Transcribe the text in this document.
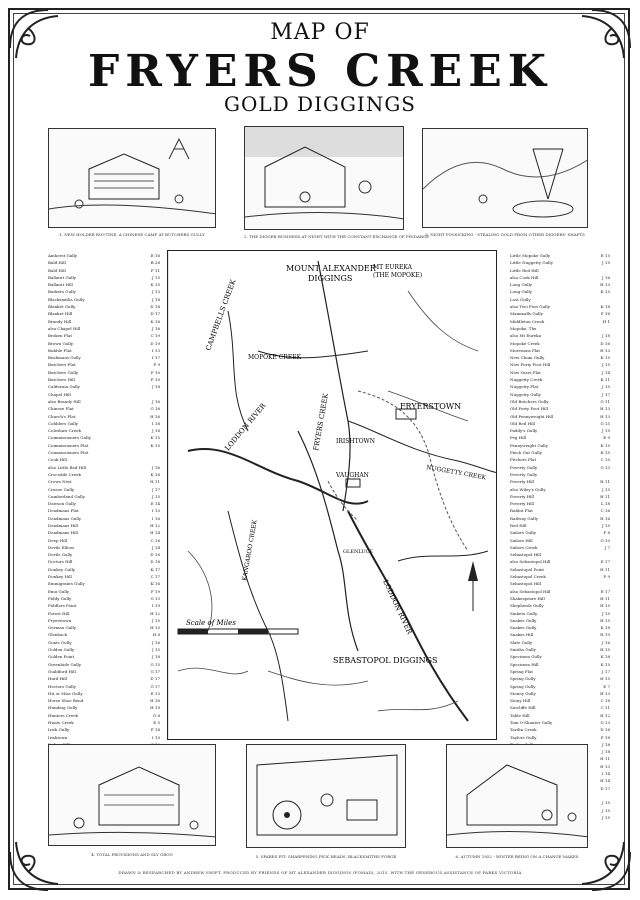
MAP OF
FRYERS CREEK
GOLD DIGGINGS
1. NEW HOLDER ROUTINE, A CHINESE CAMP AT BUTCHERS GULLY	2. THE DIGGER BUSINESS AT NIGHT WITH THE CONSTANT EXCHANGE OF PINDARGE
3. NIGHT FOSSICKING - STEALING GOLD FROM OTHER DIGGERS' SHAFTS
Amherst Gully	E 16
Bald Hill	B 28
Bald Hill	F 11
Ballarat Gully	J 15
Ballarat Hill	K 15
Barkers Gully	J 13
Blacksmiths Gully	J 18
Blanket Gully	D 18
Blanket Hill	D 17
Brandy Hill	K 16
also Chapel Hill	J 16
Broken Flat	C 19
Brown Gully	D 19
Bubble Flat	I 13
Bushmans Gully	I 17
Butchers Flat	F 9
Butchers Gully	F 10
Butchers Hill	F 10
California Gully	J 18
Chapel Hill
also Brandy Hill	J 16
Chinese Flat	G 16
Church's Flat	H 16
Cobblers Gully	I 18
Coleshaw Creek	J 16
Commissioners Gully	K 15
Commissioners Flat	K 15
Commissioners Flat
Cook Hill
also Little Red Hill	J 16
Crocodile Creek	K 16
Crows Nest	H 11
Crusoe Gully	J 17
Cumberland Gully	J 15
Dawson Gully	E 14
Deadmans Flat	I 15
Deadmans Gully	I 16
Deadmans Hill	H 12
Deadmans Hill	H 14
Deep Hill	C 16
Devils Elbow	J 14
Devils Gully	D 16
Doctors Hill	D 18
Donkey Gully	K 17
Donkey Hill	C 17
Emmigrants Gully	K 16
Emu Gully	F 19
Fiddy Gully	G 13
Fiddlers Point	I 19
Forest Hill	H 12
Fryerstown	J 15
German Gully	H 15
Glenback	H 8
Goats Gully	J 16
Golden Gully	J 15
Golden Point	J 18
Greenhide Gully	G 15
Guildford Hill	G 17
Hard Hill	D 17
Hectors Gully	G 17
Hit or Miss Gully	E 13
Horse Shoe Bend	H 16
Humbug Gully	H 19
Hunters Creek	G 8
Hunts Creek	E 5
Irish Gully	F 18
Irishtown	I 10
Little Mopoke Gully	E 15
Little Nuggetty Gully	J 15
Little Red Hill
also Cook Hill	J 16
Long Gully	H 13
Long Gully	K 15
Lost Gully
also Two Foot Gully	K 18
Mammalls Gully	F 16
Middleton Creek	H 1
Mopoke, The
also Mt Eureka	J 18
Mopoke Creek	D 16
Morrisons Flat	H 13
New Chum Gully	K 15
New Forty Foot Hill	J 15
New Years Flat	J 14
Nuggetty Creek	K 11
Nuggetty Flat	J 15
Nuggetty Gully	J 17
Old Butchers Gully	G 11
Old Forty Foot Hill	H 13
Old Pennyweight Hill	H 13
Old Red Hill	G 15
Paddy's Gully	J 15
Peg Hill	E 9
Pennyweight Gully	K 15
Pinch Gut Gully	K 15
Pitchers Flat	C 15
Poverty Gully	G 13
Poverty Gully
Poverty Hill	H 11
also Wiley's Gully	J 15
Poverty Hill	H 11
Poverty Hill	L 18
Rabbit Flat	C 16
Railway Gully	H 16
Red Hill	J 15
Sailors Gully	F 8
Sailors Hill	G 10
Sailors Creek	J 7
Sebastopol Hill
also Sebastopol Hill	E 17
Sebastopol Point	H 11
Sebastopol Creek	F 9
Sebastopol Hill
also Sebastopol Hill	E 17
Shakespeare Hill	H 11
Shepherds Gully	H 15
Sinkers Gully	J 15
Snakes Gully	H 15
Snakes Gully	K 18
Snakes Hill	H 19
Slate Gully	J 16
Smiths Gully	H 15
Specimen Gully	K 18
Specimen Hill	K 15
Spring Flat	J 17
Spring Gully	H 15
Spring Gully	E 7
Stoney Gully	H 13
Stony Hill	C 18
Sutcliffe Hill	C 11
Table Hill	H 12
Tam O'Shanter Gully	G 13
Tarilta Creek	D 16
Taylors Gully	F 18
J 18
J 18
H 11
H 13
I 14
H 14
D 17
J 15
J 15
J 15
MOUNT ALEXANDER
DIGGINGS
MT EUREKA
(THE MOPOKE)
FRYERSTOWN
IRISHTOWN
VAUGHAN
GLENLUCE
SEBASTOPOL DIGGINGS
CAMPBELLS CREEK
FRYERS CREEK
LODDON RIVER
KANGAROO CREEK
NUGGETTY CREEK
MOPOKE CREEK
LODDON RIVER
Scale of Miles
4. TOTAL PROVISIONS AND SLY GROG	5. SPARES PIT: SHARPENING PICK HEADS, BLACKSMITHS FORGE	6. AUTUMN 1852 - WINTER BEING ON A CHANGE MAKES
DRAWN & RESEARCHED BY ANDREW SWIFT. PRODUCED BY FRIENDS OF MT ALEXANDER DIGGINGS (FOMAD), 2015. WITH THE GENEROUS ASSISTANCE OF PARKS VICTORIA
